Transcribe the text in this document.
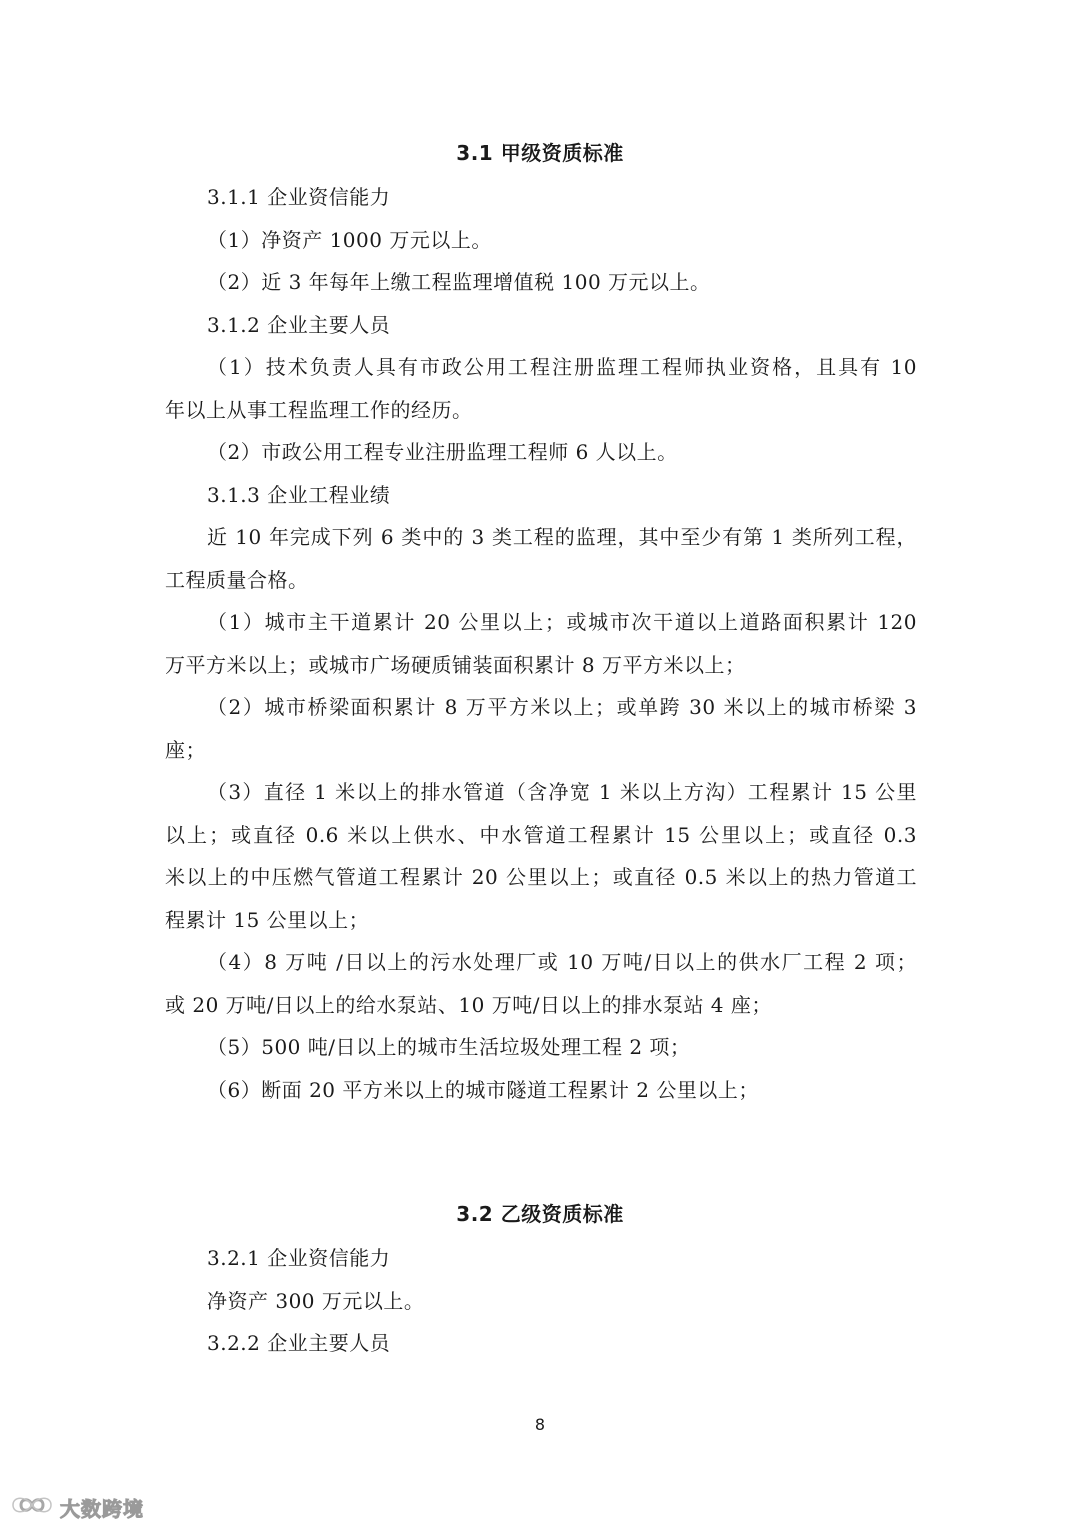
3.1 甲级资质标准
3.1.1 企业资信能力
（1）净资产 1000 万元以上。
（2）近 3 年每年上缴工程监理增值税 100 万元以上。
3.1.2 企业主要人员
（1）技术负责人具有市政公用工程注册监理工程师执业资格，且具有 10
年以上从事工程监理工作的经历。
（2）市政公用工程专业注册监理工程师 6 人以上。
3.1.3 企业工程业绩
近 10 年完成下列 6 类中的 3 类工程的监理，其中至少有第 1 类所列工程，
工程质量合格。
（1）城市主干道累计 20 公里以上；或城市次干道以上道路面积累计 120
万平方米以上；或城市广场硬质铺装面积累计 8 万平方米以上；
（2）城市桥梁面积累计 8 万平方米以上；或单跨 30 米以上的城市桥梁 3
座；
（3）直径 1 米以上的排水管道（含净宽 1 米以上方沟）工程累计 15 公里
以上；或直径 0.6 米以上供水、中水管道工程累计 15 公里以上；或直径 0.3
米以上的中压燃气管道工程累计 20 公里以上；或直径 0.5 米以上的热力管道工
程累计 15 公里以上；
（4）8 万吨 /日以上的污水处理厂或 10 万吨/日以上的供水厂工程 2 项；
或 20 万吨/日以上的给水泵站、10 万吨/日以上的排水泵站 4 座；
（5）500 吨/日以上的城市生活垃圾处理工程 2 项；
（6）断面 20 平方米以上的城市隧道工程累计 2 公里以上；
3.2 乙级资质标准
3.2.1 企业资信能力
净资产 300 万元以上。
3.2.2 企业主要人员
8
大数跨境
